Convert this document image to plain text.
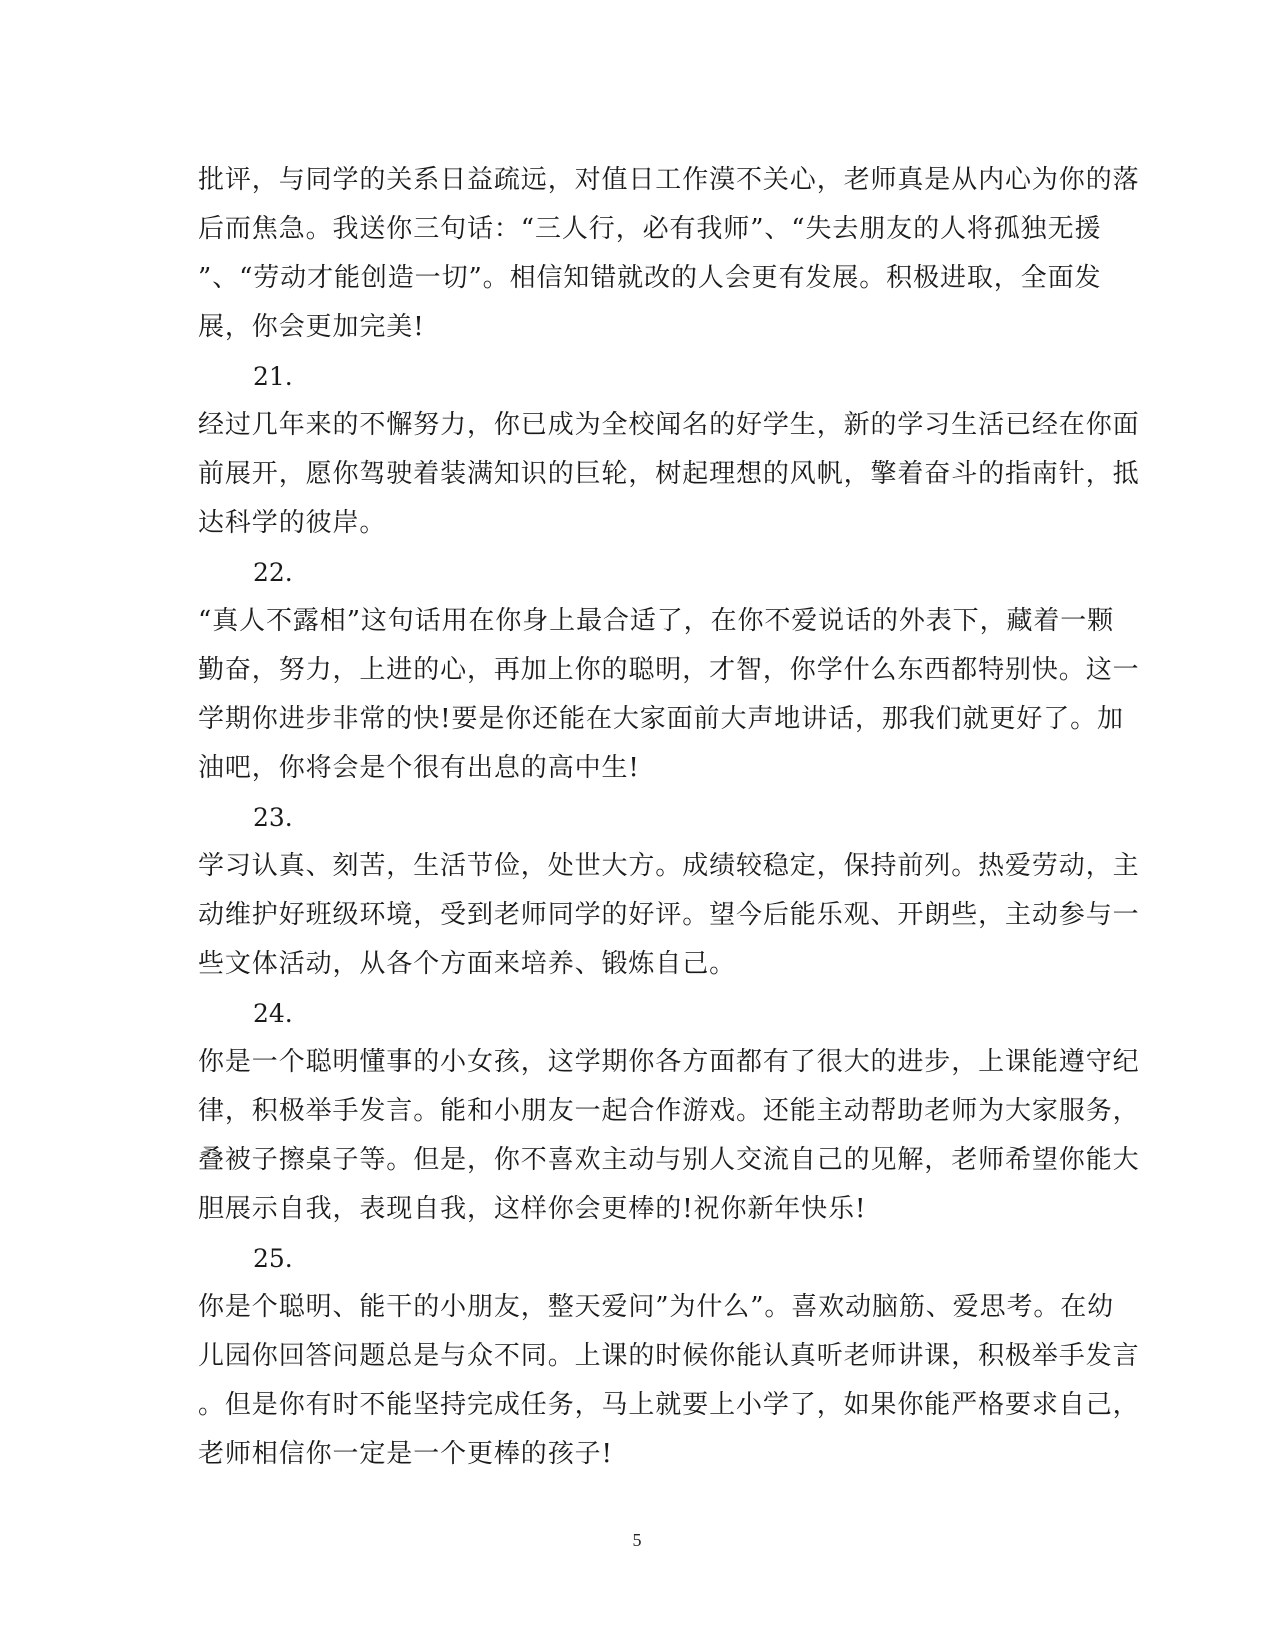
批评，与同学的关系日益疏远，对值日工作漠不关心，老师真是从内心为你的落
后而焦急。我送你三句话：“三人行，必有我师”、“失去朋友的人将孤独无援
”、“劳动才能创造一切”。相信知错就改的人会更有发展。积极进取，全面发
展，你会更加完美!
21.
经过几年来的不懈努力，你已成为全校闻名的好学生，新的学习生活已经在你面
前展开，愿你驾驶着装满知识的巨轮，树起理想的风帆，擎着奋斗的指南针，抵
达科学的彼岸。
22.
“真人不露相”这句话用在你身上最合适了，在你不爱说话的外表下，藏着一颗
勤奋，努力，上进的心，再加上你的聪明，才智，你学什么东西都特别快。这一
学期你进步非常的快!要是你还能在大家面前大声地讲话，那我们就更好了。加
油吧，你将会是个很有出息的高中生!
23.
学习认真、刻苦，生活节俭，处世大方。成绩较稳定，保持前列。热爱劳动，主
动维护好班级环境，受到老师同学的好评。望今后能乐观、开朗些，主动参与一
些文体活动，从各个方面来培养、锻炼自己。
24.
你是一个聪明懂事的小女孩，这学期你各方面都有了很大的进步，上课能遵守纪
律，积极举手发言。能和小朋友一起合作游戏。还能主动帮助老师为大家服务，
叠被子擦桌子等。但是，你不喜欢主动与别人交流自己的见解，老师希望你能大
胆展示自我，表现自我，这样你会更棒的!祝你新年快乐!
25.
你是个聪明、能干的小朋友，整天爱问”为什么”。喜欢动脑筋、爱思考。在幼
儿园你回答问题总是与众不同。上课的时候你能认真听老师讲课，积极举手发言
。但是你有时不能坚持完成任务，马上就要上小学了，如果你能严格要求自己，
老师相信你一定是一个更棒的孩子!
5
